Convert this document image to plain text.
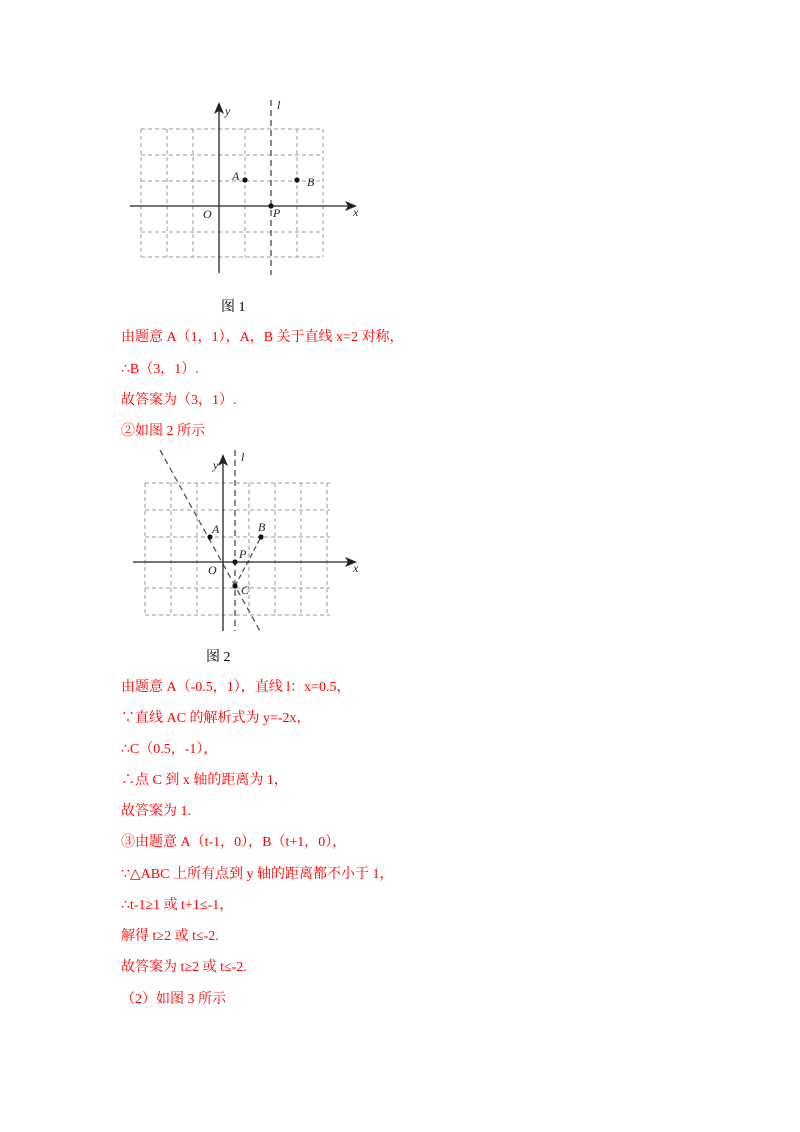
y	l
x
O
A	B
P
图 1
由题意 A（1，1），A，B 关于直线 x=2 对称，
∴B（3，1）.
故答案为（3，1）.
②如图 2 所示
y
l
x
O
A	B
P
C
图 2
由题意 A（-0.5，1），直线 l：x=0.5，
∵直线 AC 的解析式为 y=-2x，
∴C（0.5，-1），
∴点 C 到 x 轴的距离为 1，
故答案为 1.
③由题意 A（t-1，0），B（t+1，0），
∵△ABC 上所有点到 y 轴的距离都不小于 1，
∴t-1≥1 或 t+1≤-1，
解得 t≥2 或 t≤-2.
故答案为 t≥2 或 t≤-2.
（2）如图 3 所示
